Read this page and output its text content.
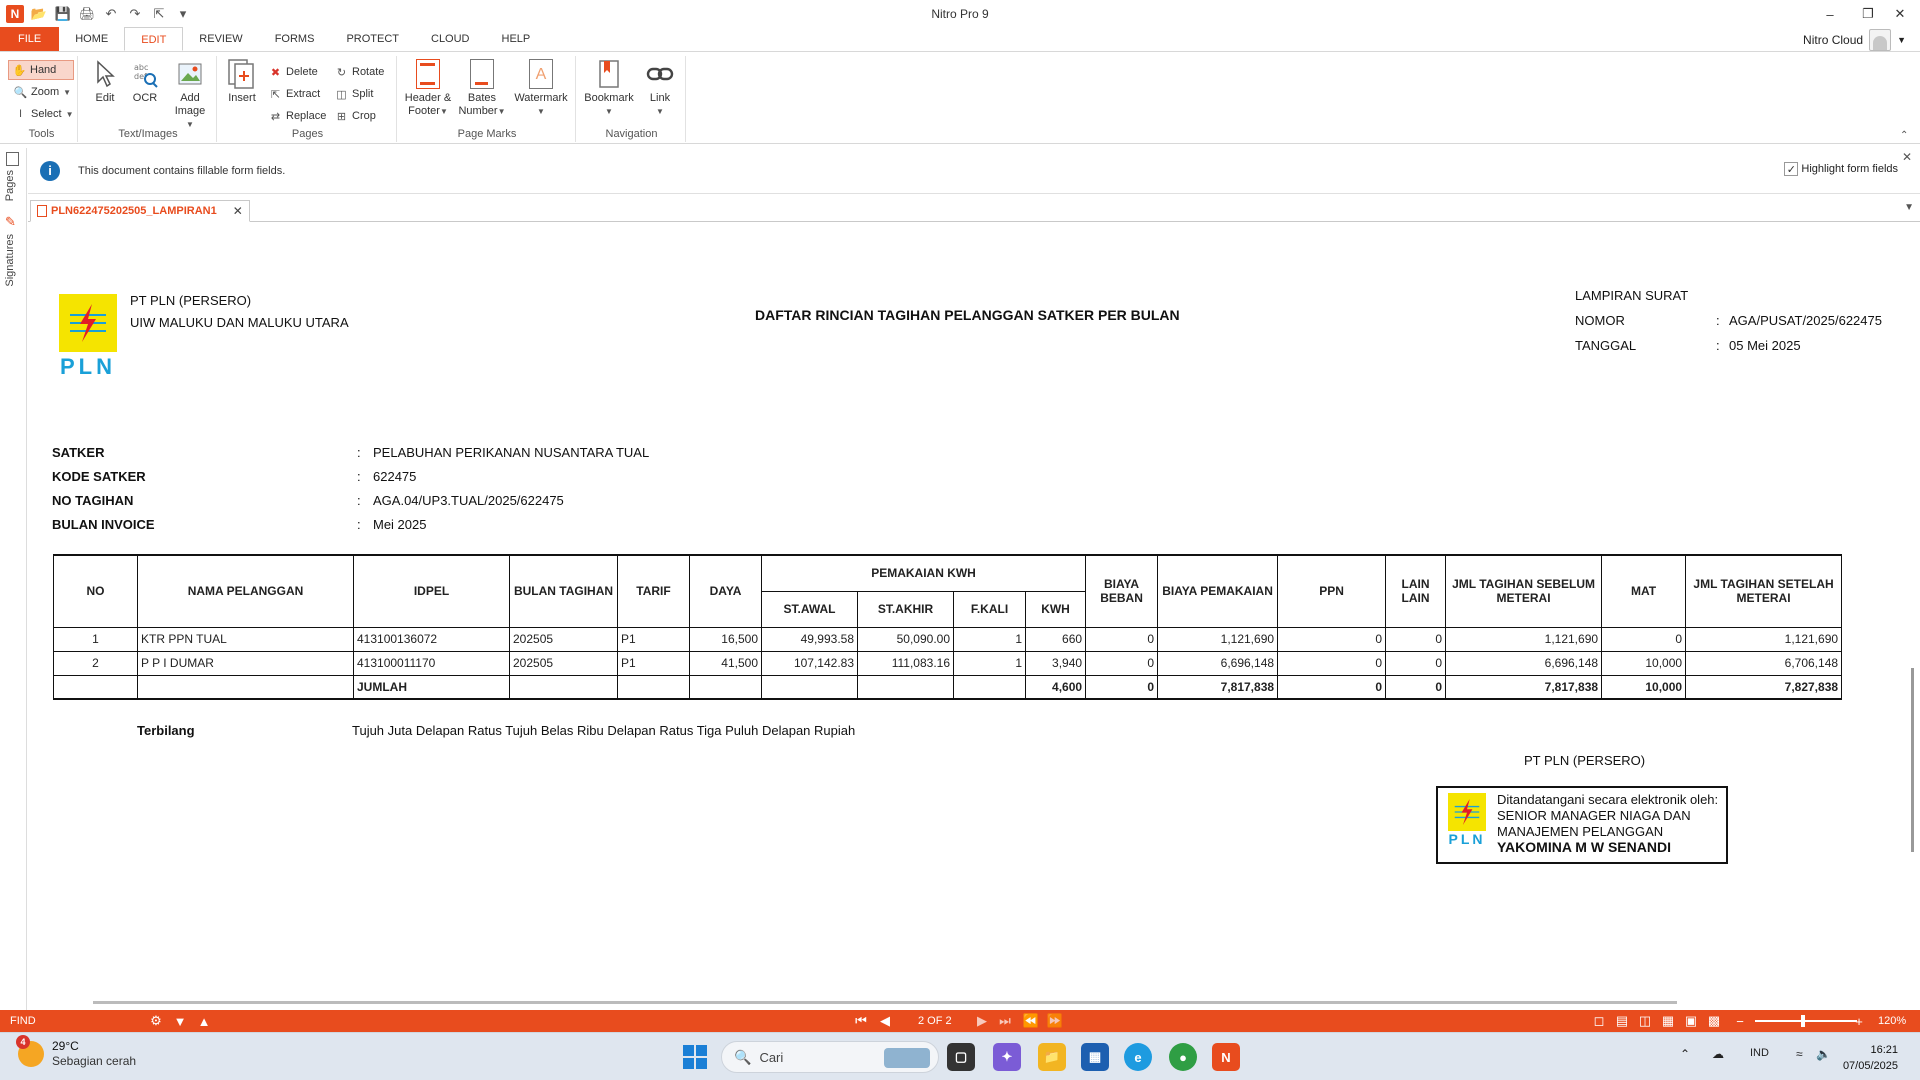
N 📂 💾 🖨 ↶ ↷ ⇱	▾	Nitro Pro 9	–	❐	✕
FILE	HOME	EDIT	REVIEW	FORMS	PROTECT	CLOUD	HELP	Nitro Cloud	▼
✋ Hand
🔍 Zoom ▼
I Select ▼
Tools
Edit
abc
def
OCR Add
Image ▼
Text/Images
Insert
✖ Delete
⇱ Extract
⇄ Replace
↻ Rotate
◫ Split
⊞ Crop
Pages
Header &
Footer▼
Bates
Number▼
A
Watermark
▼
Page Marks
Bookmark
▼
Link
▼
Navigation	⌃
Pages
✎
Signatures
i	This document contains fillable form fields.	✓ Highlight form fields
✕
PLN622475202505_LAMPIRAN1 ✕	▼
PLN
PT PLN (PERSERO)
UIW MALUKU DAN MALUKU UTARA	DAFTAR RINCIAN TAGIHAN PELANGGAN SATKER PER BULAN
LAMPIRAN SURAT
NOMOR	: AGA/PUSAT/2025/622475
TANGGAL	: 05 Mei 2025
SATKER	: PELABUHAN PERIKANAN NUSANTARA TUAL
KODE SATKER	: 622475
NO TAGIHAN	: AGA.04/UP3.TUAL/2025/622475
BULAN INVOICE	: Mei 2025
NO	NAMA PELANGGAN	IDPEL	BULAN TAGIHAN	TARIF	DAYA	PEMAKAIAN KWH				BIAYA BEBAN	BIAYA PEMAKAIAN	PPN	LAIN LAIN	JML TAGIHAN SEBELUM METERAI	MAT	JML TAGIHAN SETELAH METERAI
						ST.AWAL	ST.AKHIR	F.KALI	KWH							
1	KTR PPN TUAL	413100136072	202505	P1	16,500	49,993.58	50,090.00	1	660	0	1,121,690	0	0	1,121,690	0	1,121,690
2	P P I DUMAR	413100011170	202505	P1	41,500	107,142.83	111,083.16	1	3,940	0	6,696,148	0	0	6,696,148	10,000	6,706,148
		JUMLAH							4,600	0	7,817,838	0	0	7,817,838	10,000	7,827,838
Terbilang	Tujuh Juta Delapan Ratus Tujuh Belas Ribu Delapan Ratus Tiga Puluh Delapan Rupiah
PT PLN (PERSERO)
PLN
Ditandatangani secara elektronik oleh:
SENIOR MANAGER NIAGA DAN
MANAJEMEN PELANGGAN
YAKOMINA M W SENANDI
FIND	⚙ ▼ ▲	⏮	◀	2 OF 2	▶ ⏭ ⏪ ⏩	◻ ▤ ◫ ▦ ▣ ▩ −	+ 120%
4	29°C
Sebagian cerah	🔍 Cari	▢	✦	📁	▦	e	●	N	⌃ ☁ IND ≈ 🔈	16:21
07/05/2025
